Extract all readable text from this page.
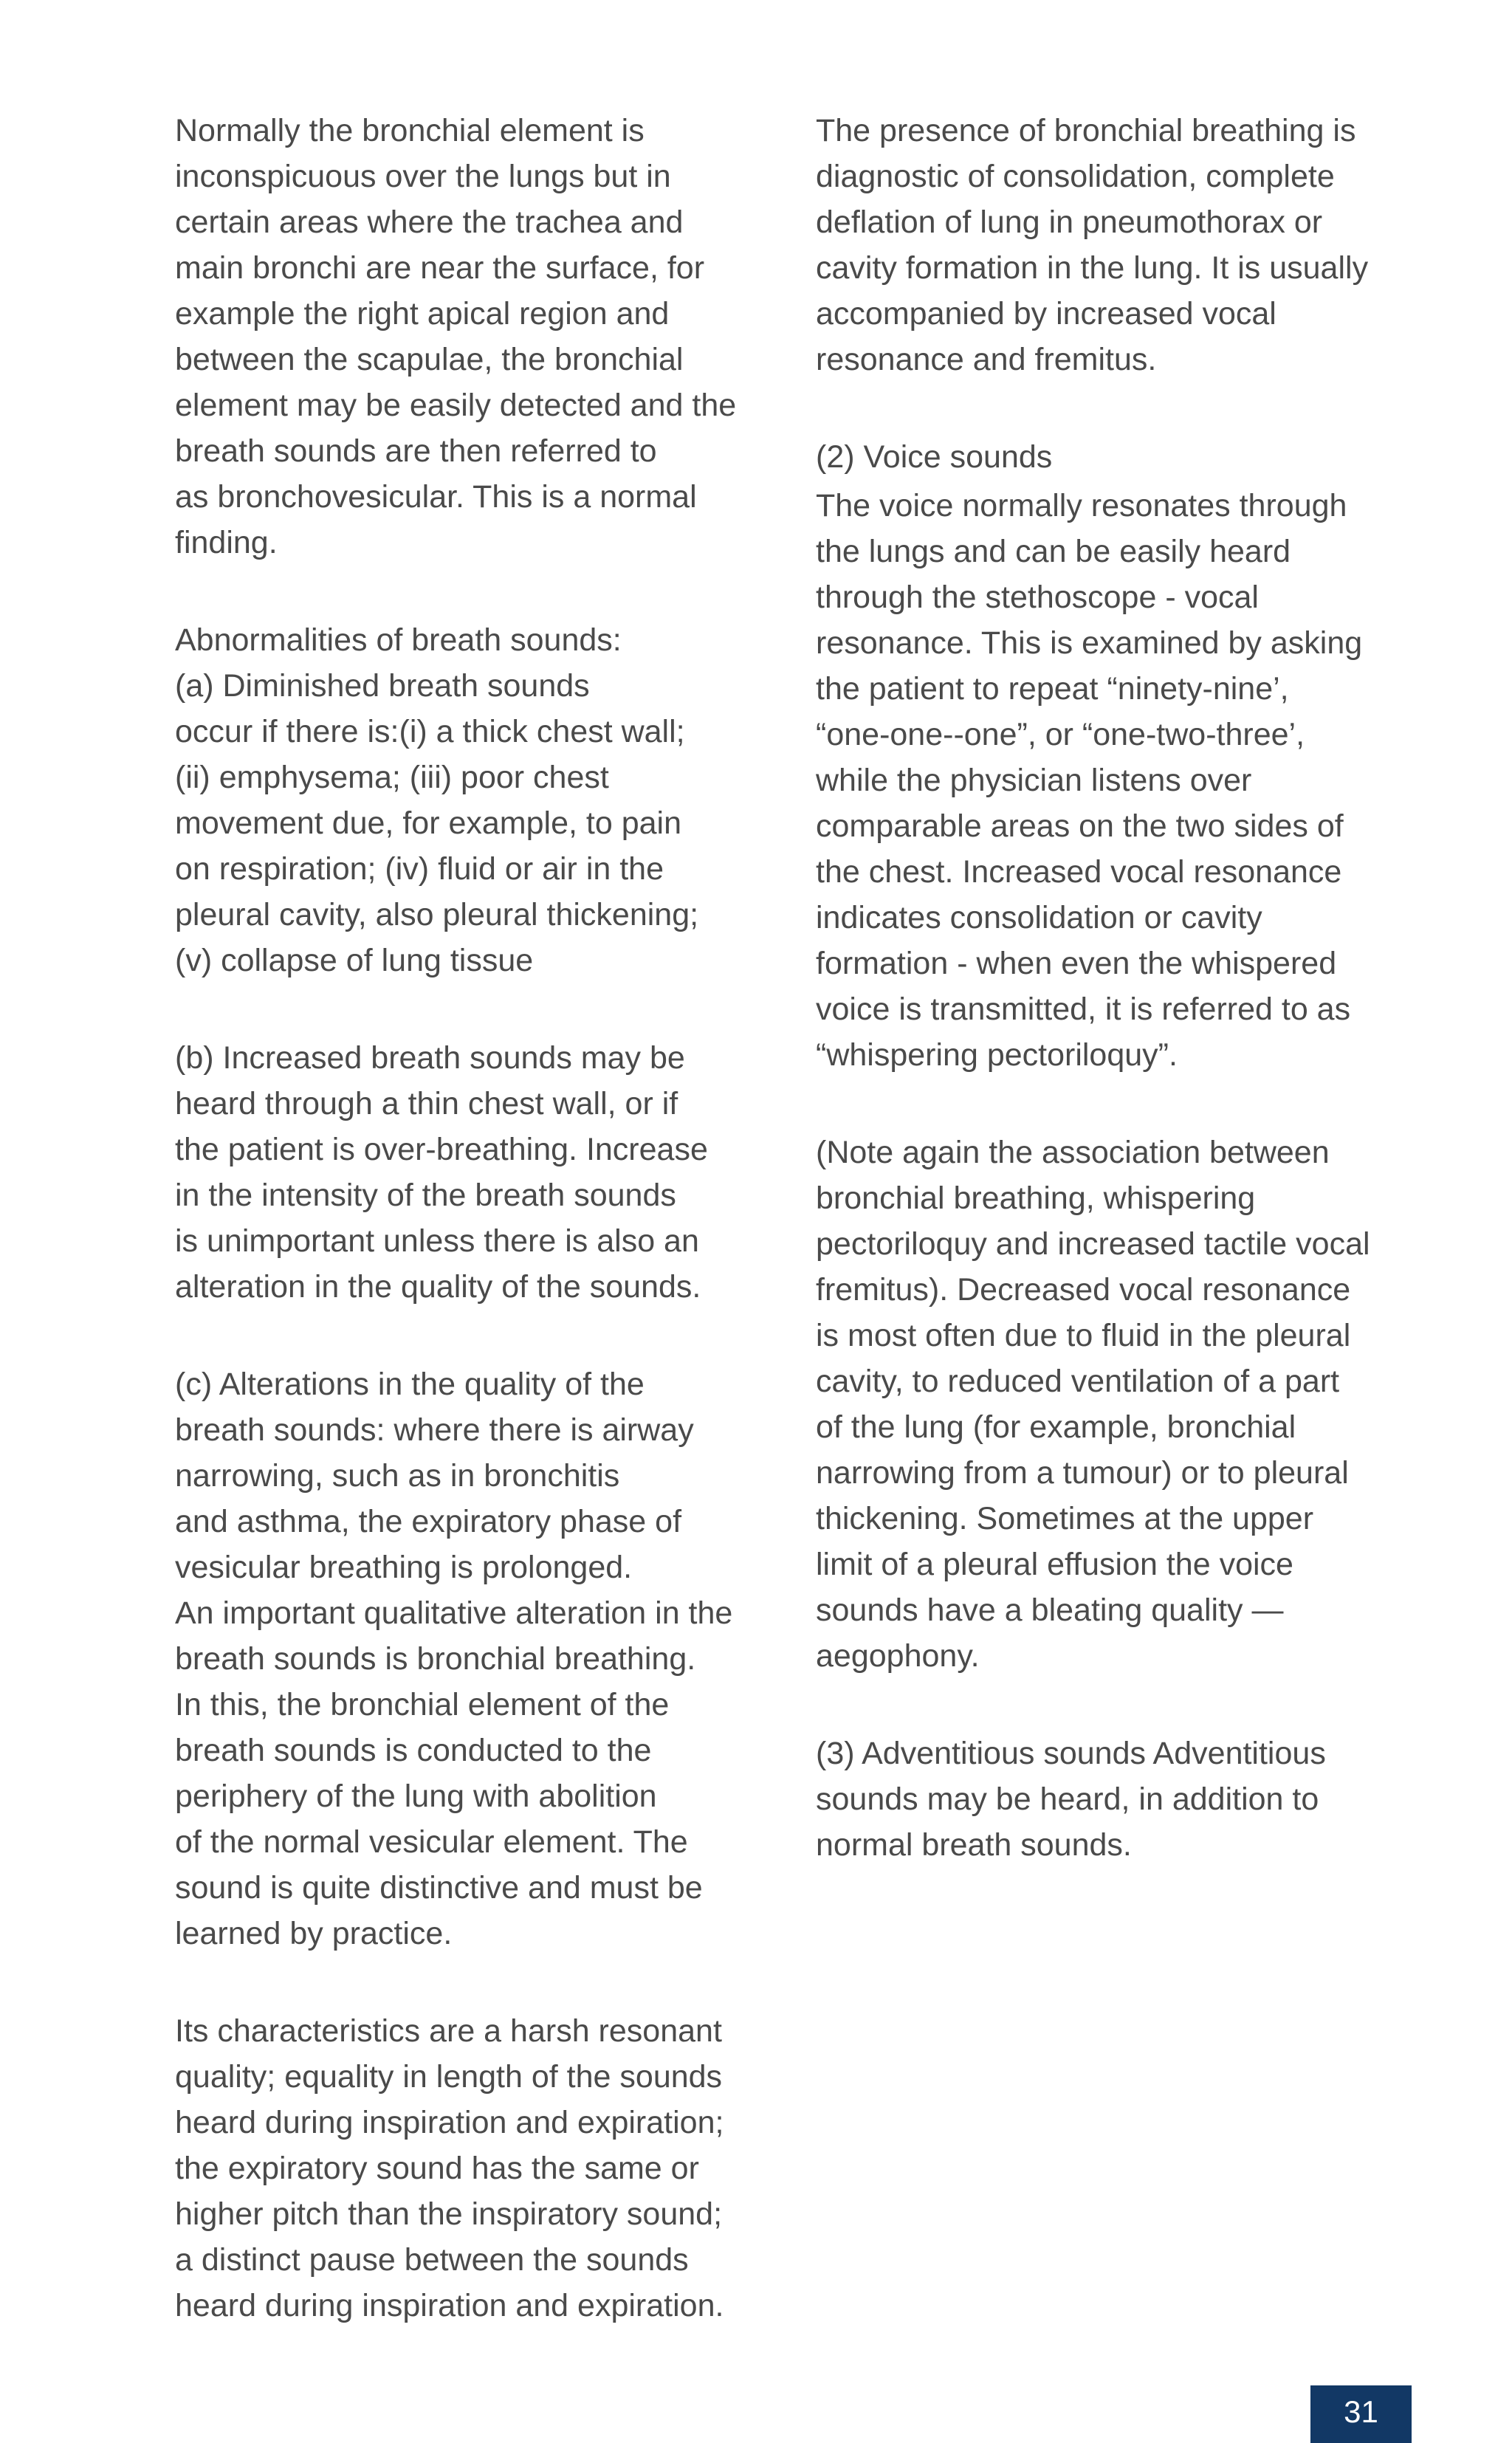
Normally the bronchial element is
inconspicuous over the lungs but in
certain areas where the trachea and
main bronchi are near the surface, for
example the right apical region and
between the scapulae, the bronchial
element may be easily detected and the
breath sounds are then referred to
as bronchovesicular. This is a normal
finding.
Abnormalities of breath sounds:
(a) Diminished breath sounds
occur if there is:(i) a thick chest wall;
(ii) emphysema; (iii) poor chest
movement due, for example, to pain
on respiration; (iv) fluid or air in the
pleural cavity, also pleural thickening;
(v) collapse of lung tissue
(b) Increased breath sounds may be
heard through a thin chest wall, or if
the patient is over-breathing. Increase
in the intensity of the breath sounds
is unimportant unless there is also an
alteration in the quality of the sounds.
(c) Alterations in the quality of the
breath sounds: where there is airway
narrowing, such as in bronchitis
and asthma, the expiratory phase of
vesicular breathing is prolonged.
An important qualitative alteration in the
breath sounds is bronchial breathing.
In this, the bronchial element of the
breath sounds is conducted to the
periphery of the lung with abolition
of the normal vesicular element. The
sound is quite distinctive and must be
learned by practice.
Its characteristics are a harsh resonant
quality; equality in length of the sounds
heard during inspiration and expiration;
the expiratory sound has the same or
higher pitch than the inspiratory sound;
a distinct pause between the sounds
heard during inspiration and expiration.
The presence of bronchial breathing is
diagnostic of consolidation, complete
deflation of lung in pneumothorax or
cavity formation in the lung. It is usually
accompanied by increased vocal
resonance and fremitus.
(2) Voice sounds
The voice normally resonates through
the lungs and can be easily heard
through the stethoscope - vocal
resonance. This is examined by asking
the patient to repeat “ninety-nine’,
“one-one--one”, or “one-two-three’,
while the physician listens over
comparable areas on the two sides of
the chest. Increased vocal resonance
indicates consolidation or cavity
formation - when even the whispered
voice is transmitted, it is referred to as
“whispering pectoriloquy”.
(Note again the association between
bronchial breathing, whispering
pectoriloquy and increased tactile vocal
fremitus). Decreased vocal resonance
is most often due to fluid in the pleural
cavity, to reduced ventilation of a part
of the lung (for example, bronchial
narrowing from a tumour) or to pleural
thickening. Sometimes at the upper
limit of a pleural effusion the voice
sounds have a bleating quality —
aegophony.
(3) Adventitious sounds Adventitious
sounds may be heard, in addition to
normal breath sounds.
31
